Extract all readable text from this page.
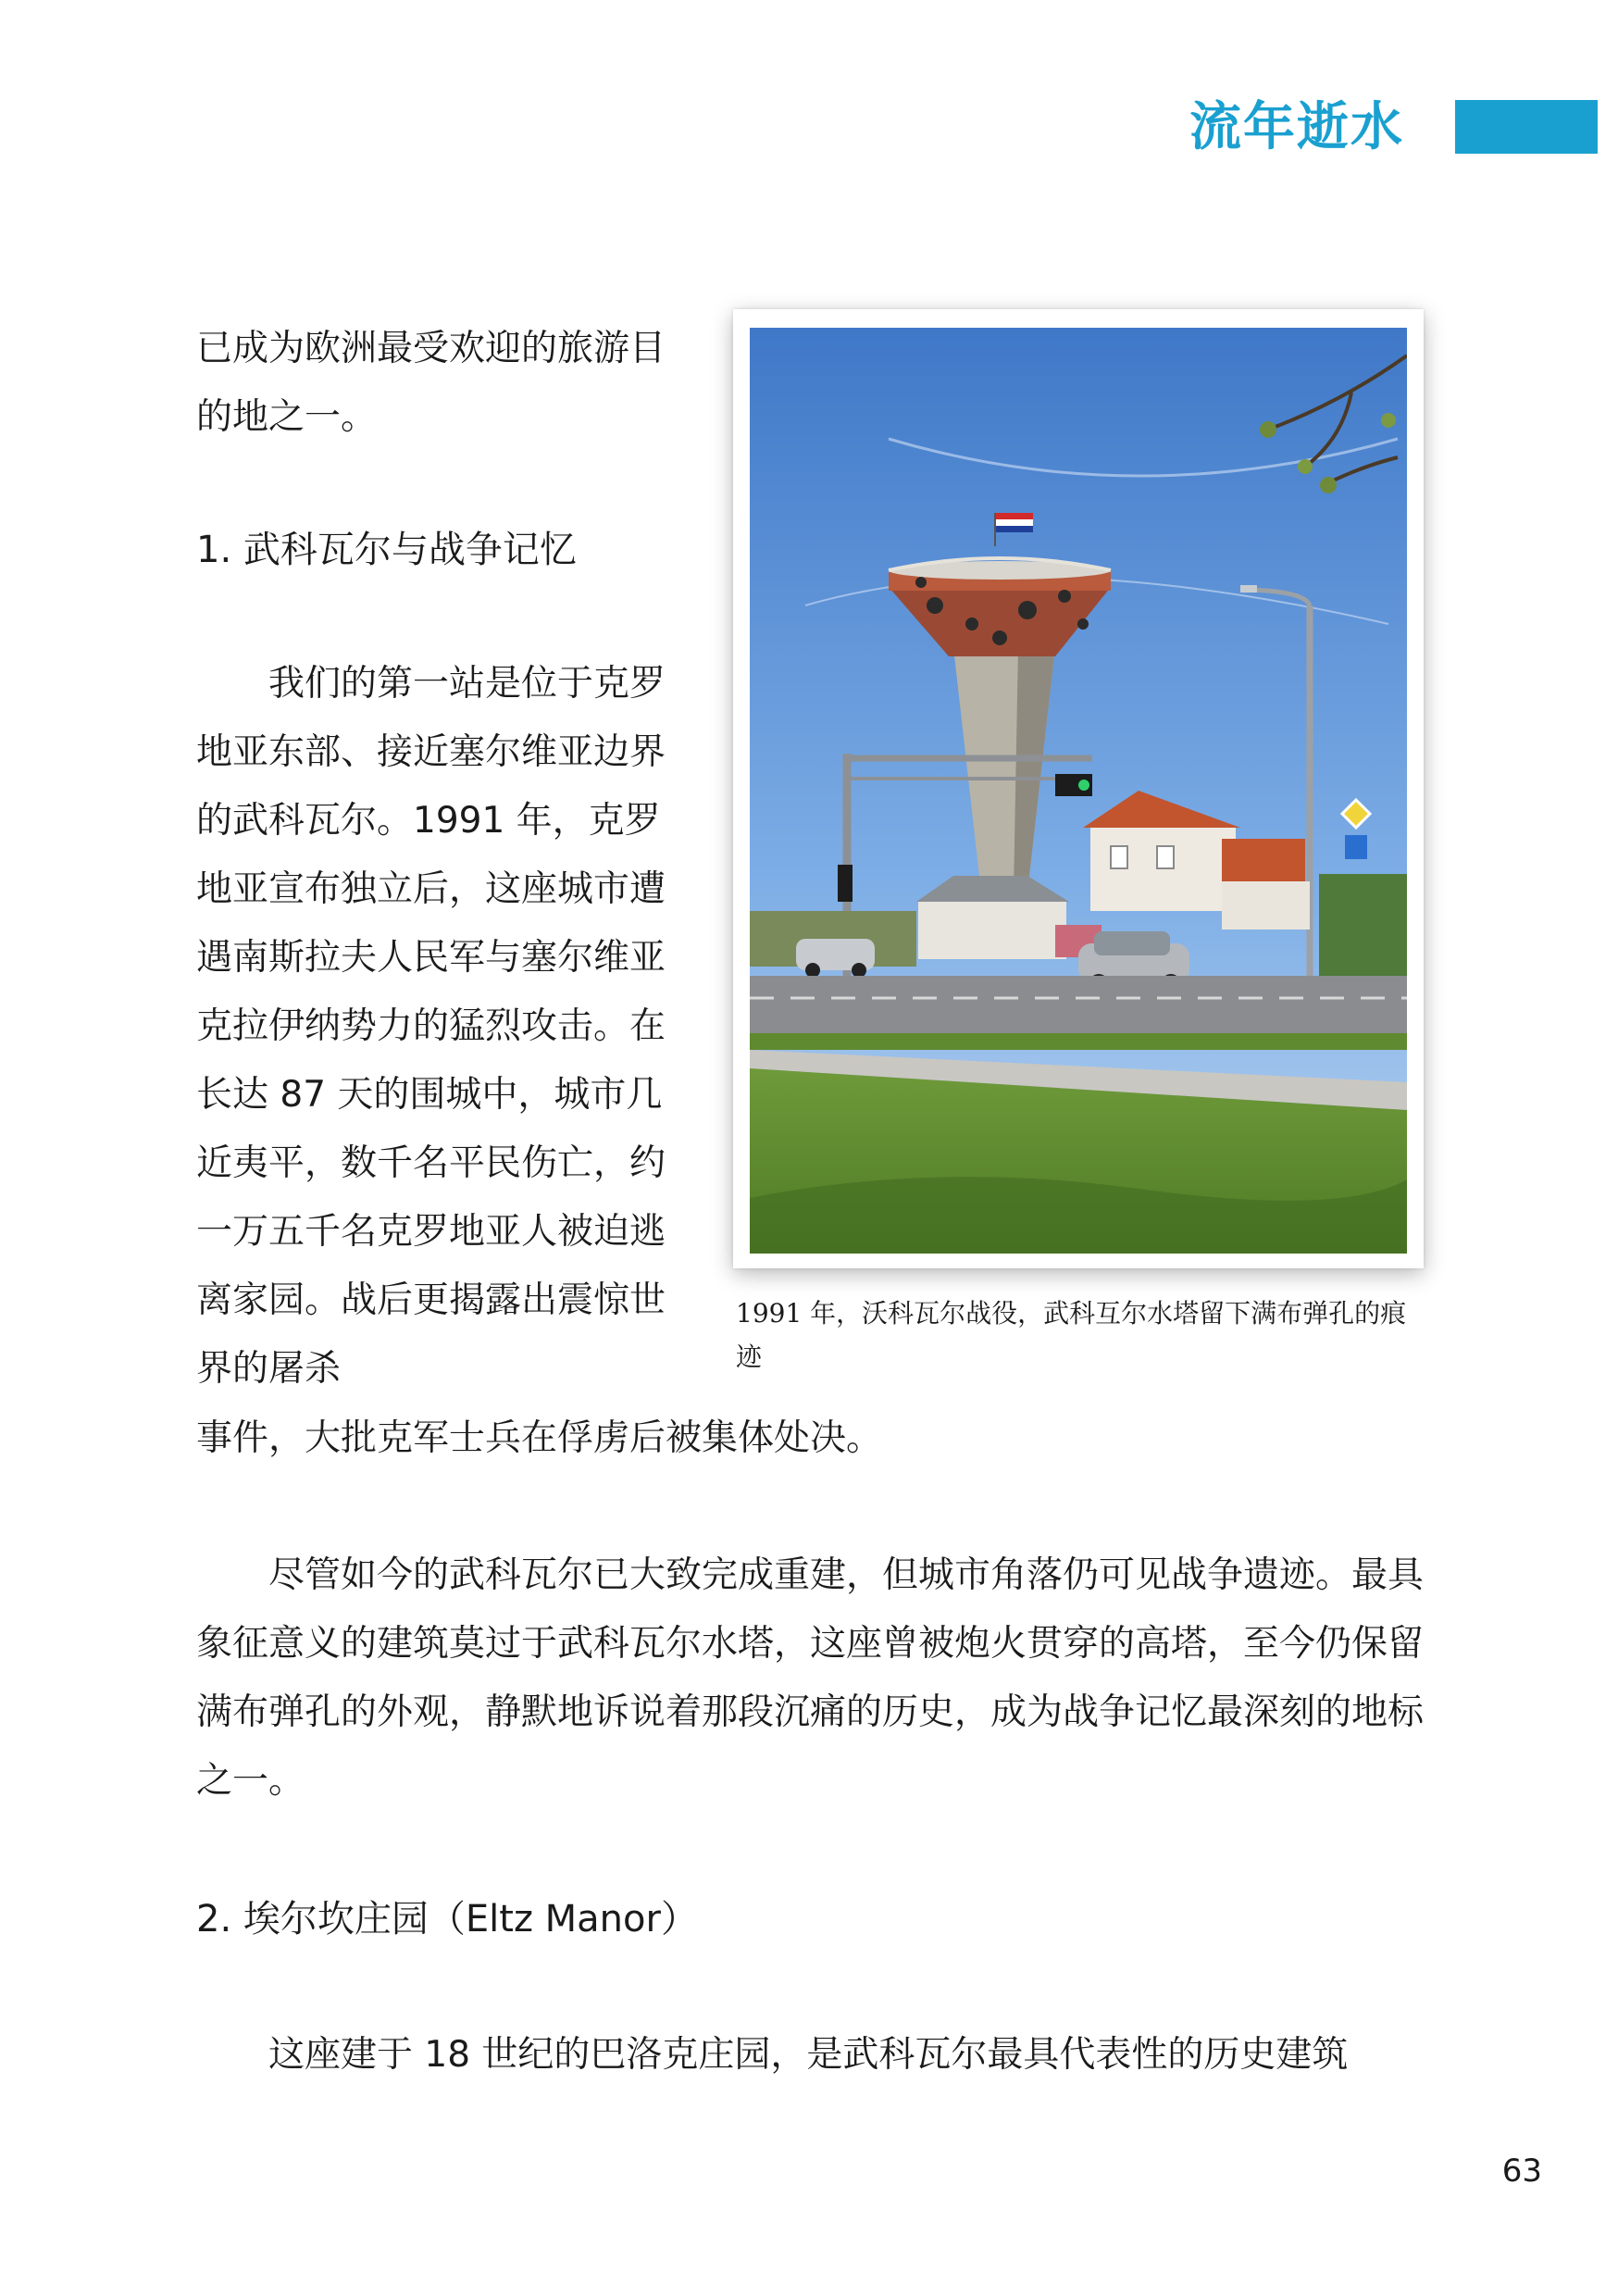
流年逝水

已成为欧洲最受欢迎的旅游目的地之一。

1. 武科瓦尔与战争记忆

我们的第一站是位于克罗地亚东部、接近塞尔维亚边界的武科瓦尔。1991 年，克罗地亚宣布独立后，这座城市遭遇南斯拉夫人民军与塞尔维亚克拉伊纳势力的猛烈攻击。在长达 87 天的围城中，城市几近夷平，数千名平民伤亡，约一万五千名克罗地亚人被迫逃离家园。战后更揭露出震惊世界的屠杀

事件，大批克军士兵在俘虏后被集体处决。

尽管如今的武科瓦尔已大致完成重建，但城市角落仍可见战争遗迹。最具象征意义的建筑莫过于武科瓦尔水塔，这座曾被炮火贯穿的高塔，至今仍保留满布弹孔的外观，静默地诉说着那段沉痛的历史，成为战争记忆最深刻的地标之一。

2. 埃尔坎庄园（Eltz Manor）

这座建于 18 世纪的巴洛克庄园，是武科瓦尔最具代表性的历史建筑

1991 年，沃科瓦尔战役，武科互尔水塔留下满布弹孔的痕迹

63
